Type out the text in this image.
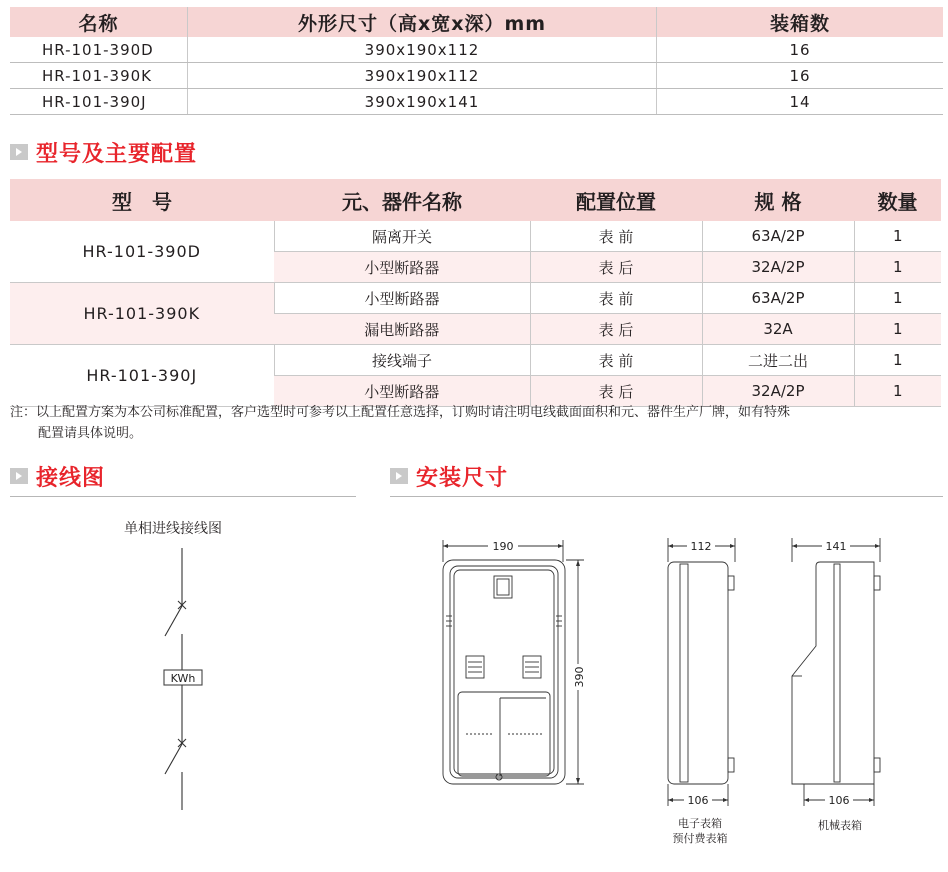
名称	外形尺寸（高x宽x深）mm	装箱数
HR-101-390D	390x190x112	16
HR-101-390K	390x190x112	16
HR-101-390J	390x190x141	14
型号及主要配置
型　号	元、器件名称	配置位置	规 格	数量
HR-101-390D	隔离开关	表 前	63A/2P	1
	小型断路器	表 后	32A/2P	1
HR-101-390K	小型断路器	表 前	63A/2P	1
	漏电断路器	表 后	32A	1
HR-101-390J	接线端子	表 前	二进二出	1
	小型断路器	表 后	32A/2P	1
注：以上配置方案为本公司标准配置，客户选型时可参考以上配置任意选择，订购时请注明电线截面面积和元、器件生产厂牌，如有特殊
配置请具体说明。
接线图	安装尺寸
单相进线接线图
KWh
190
390
112
106
电子表箱
预付费表箱
141
106
机械表箱
